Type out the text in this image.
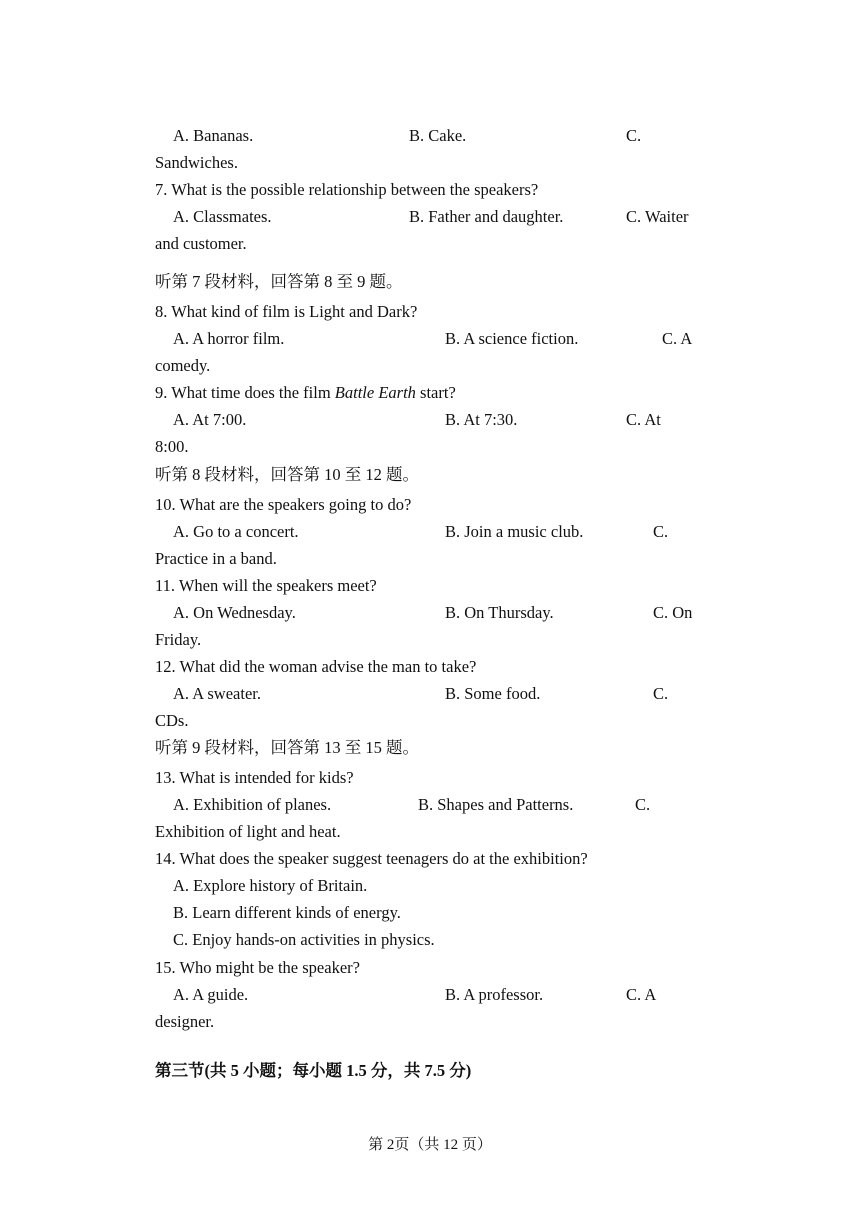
A. Bananas.	B. Cake.	C.
Sandwiches.
7. What is the possible relationship between the speakers?
A. Classmates.	B. Father and daughter.	C. Waiter
and customer.
听第 7 段材料，回答第 8 至 9 题。
8. What kind of film is Light and Dark?
A. A horror film.	B. A science fiction.	C. A
comedy.
9. What time does the film Battle Earth start?
A. At 7:00.	B. At 7:30.	C. At
8:00.
听第 8 段材料，回答第 10 至 12 题。
10. What are the speakers going to do?
A. Go to a concert.	B. Join a music club.	C.
Practice in a band.
11. When will the speakers meet?
A. On Wednesday.	B. On Thursday.	C. On
Friday.
12. What did the woman advise the man to take?
A. A sweater.	B. Some food.	C.
CDs.
听第 9 段材料，回答第 13 至 15 题。
13. What is intended for kids?
A. Exhibition of planes.	B. Shapes and Patterns.	C.
Exhibition of light and heat.
14. What does the speaker suggest teenagers do at the exhibition?
A. Explore history of Britain.
B. Learn different kinds of energy.
C. Enjoy hands-on activities in physics.
15. Who might be the speaker?
A. A guide.	B. A professor.	C. A
designer.
第三节(共 5 小题；每小题 1.5 分，共 7.5 分)
第 2页（共 12 页）
